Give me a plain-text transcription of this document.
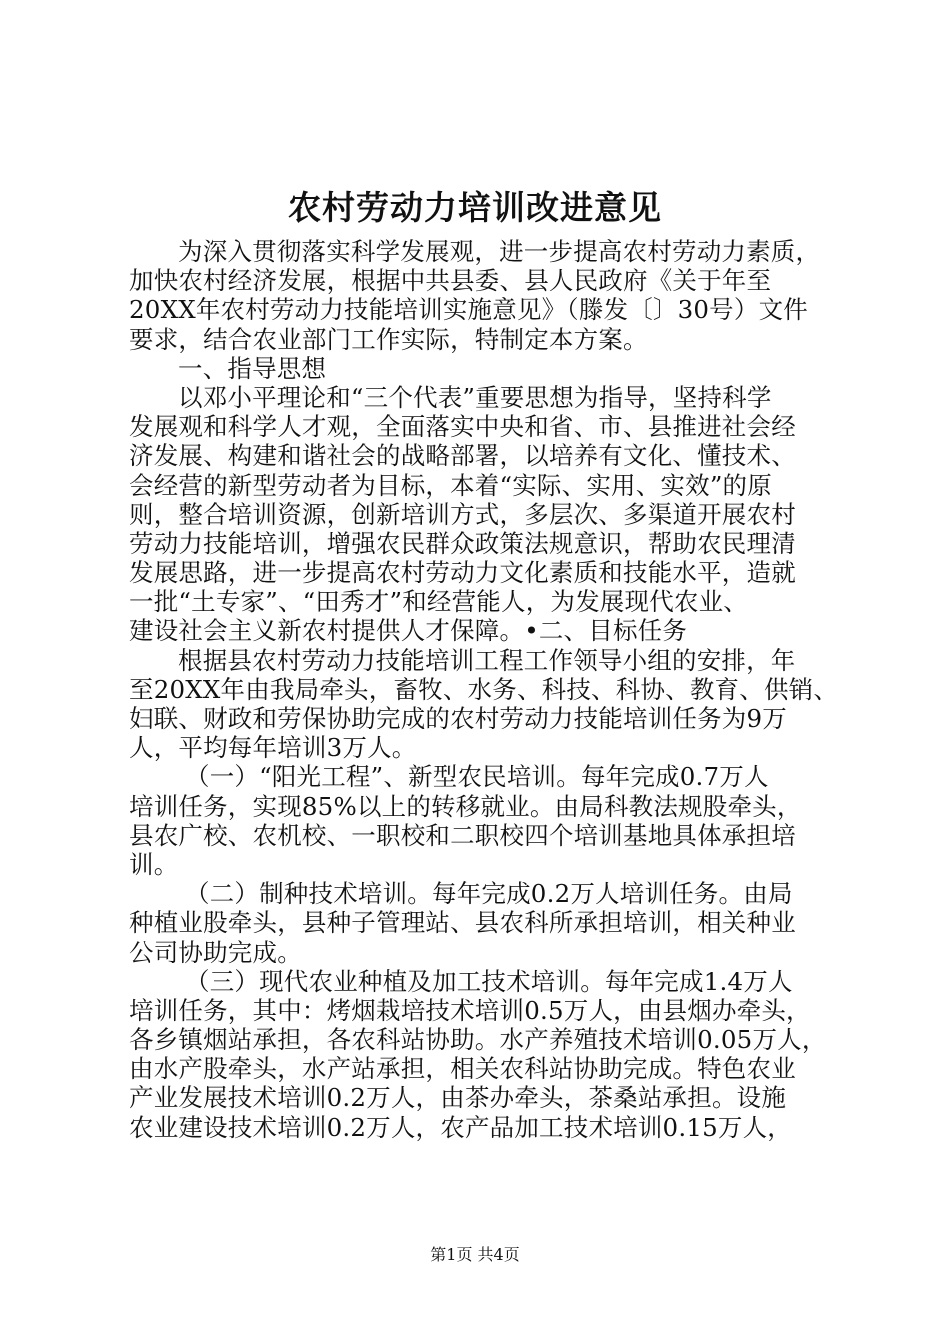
农村劳动力培训改进意见
为深入贯彻落实科学发展观，进一步提高农村劳动力素质，
加快农村经济发展，根据中共县委、县人民政府《关于年至
20XX年农村劳动力技能培训实施意见》（滕发〔〕30号）文件
要求，结合农业部门工作实际，特制定本方案。
一、指导思想
以邓小平理论和“三个代表”重要思想为指导，坚持科学
发展观和科学人才观，全面落实中央和省、市、县推进社会经
济发展、构建和谐社会的战略部署，以培养有文化、懂技术、
会经营的新型劳动者为目标，本着“实际、实用、实效”的原
则，整合培训资源，创新培训方式，多层次、多渠道开展农村
劳动力技能培训，增强农民群众政策法规意识，帮助农民理清
发展思路，进一步提高农村劳动力文化素质和技能水平，造就
一批“土专家”、“田秀才”和经营能人，为发展现代农业、
建设社会主义新农村提供人才保障。•二、目标任务
根据县农村劳动力技能培训工程工作领导小组的安排，年
至20XX年由我局牵头，畜牧、水务、科技、科协、教育、供销、
妇联、财政和劳保协助完成的农村劳动力技能培训任务为9万
人，平均每年培训3万人。
（一）“阳光工程”、新型农民培训。每年完成0.7万人
培训任务，实现85%以上的转移就业。由局科教法规股牵头，
县农广校、农机校、一职校和二职校四个培训基地具体承担培
训。
（二）制种技术培训。每年完成0.2万人培训任务。由局
种植业股牵头，县种子管理站、县农科所承担培训，相关种业
公司协助完成。
（三）现代农业种植及加工技术培训。每年完成1.4万人
培训任务，其中：烤烟栽培技术培训0.5万人，由县烟办牵头，
各乡镇烟站承担，各农科站协助。水产养殖技术培训0.05万人，
由水产股牵头，水产站承担，相关农科站协助完成。特色农业
产业发展技术培训0.2万人，由茶办牵头，茶桑站承担。设施
农业建设技术培训0.2万人，农产品加工技术培训0.15万人，
第1页 共4页
